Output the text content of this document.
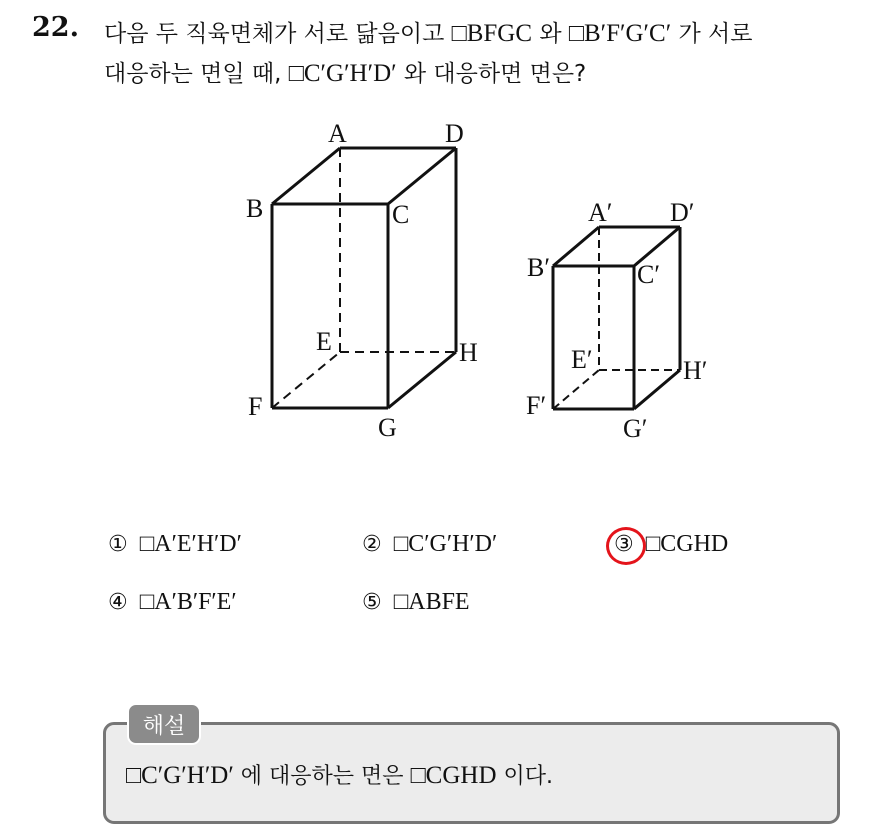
22. 다음 두 직육면체가 서로 닮음이고 □BFGC 와 □B′F′G′C′ 가 서로
대응하는 면일 때, □C′G′H′D′ 와 대응하면 면은?
A	D
B	C
E	H
F
G
A′ D′
B′	C′
E′	H′
F′
G′
① □A′E′H′D′	② □C′G′H′D′	③ □CGHD
④ □A′B′F′E′	⑤ □ABFE
해설
□C′G′H′D′ 에 대응하는 면은 □CGHD 이다.
